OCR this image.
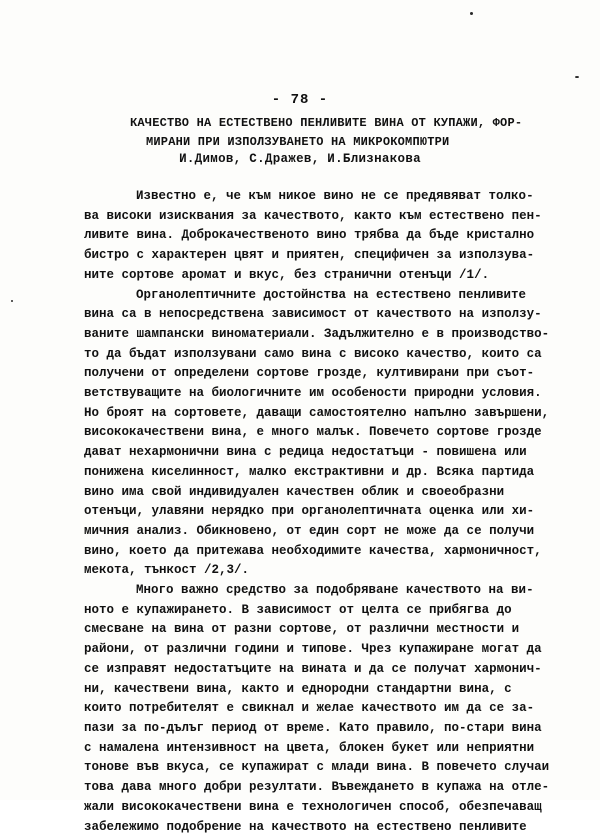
- 78 -
КАЧЕСТВО НА ЕСТЕСТВЕНО ПЕНЛИВИТЕ ВИНА ОТ КУПАЖИ, ФОР-
МИРАНИ ПРИ ИЗПОЛЗУВАНЕТО НА МИКРОКОМПЮТРИ
И.Димов, С.Дражев, И.Близнакова
Известно е, че към никое вино не се предявяват толко-
ва високи изисквания за качеството, както към естествено пен-
ливите вина. Доброкачественото вино трябва да бъде кристално
бистро с характерен цвят и приятен, специфичен за използува-
ните сортове аромат и вкус, без странични отенъци /1/.
Органолептичните достойнства на естествено пенливите
вина са в непосредствена зависимост от качеството на използу-
ваните шампански виноматериали. Задължително е в производство-
то да бъдат използувани само вина с високо качество, които са
получени от определени сортове грозде, култивирани при съот-
ветствуващите на биологичните им особености природни условия.
Но броят на сортовете, даващи самостоятелно напълно завършени,
висококачествени вина, е много малък. Повечето сортове грозде
дават нехармонични вина с редица недостатъци - повишена или
понижена киселинност, малко екстрактивни и др. Всяка партида
вино има свой индивидуален качествен облик и своеобразни
отенъци, улавяни нерядко при органолептичната оценка или хи-
мичния анализ. Обикновено, от един сорт не може да се получи
вино, което да притежава необходимите качества, хармоничност,
мекота, тънкост /2,3/.
Много важно средство за подобряване качеството на ви-
ното е купажирането. В зависимост от целта се прибягва до
смесване на вина от разни сортове, от различни местности и
райони, от различни години и типове. Чрез купажиране могат да
се изправят недостатъците на вината и да се получат хармонич-
ни, качествени вина, както и еднородни стандартни вина, с
които потребителят е свикнал и желае качеството им да се за-
пази за по-дълъг период от време. Като правило, по-стари вина
с намалена интензивност на цвета, блокен букет или неприятни
тонове във вкуса, се купажират с млади вина. В повечето случаи
това дава много добри резултати. Въвеждането в купажа на отле-
жали висококачествени вина е технологичен способ, обезпечаващ
забележимо подобрение на качеството на естествено пенливите
